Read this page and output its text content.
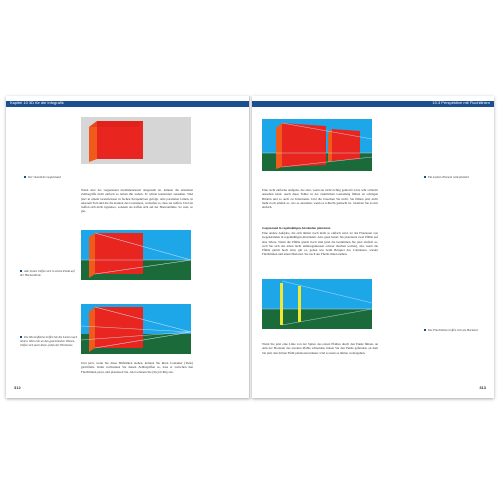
Kapitel 10 3D für die Infografik
Der räumliche Gegenstand
Wenn aber der Gegenstand dreidimensional dargestellt ist, können die einzelnen Zeilbegriffe nicht einfach so neben ihn stehen. Er würde konstruiert aussehen. Sind jetzt in einem Grundwissen in fachen Perspektiven gefolgt. Alle parallelen Linien, in unserem Fall sind die die Kanten des Containers, verlaufen so, dass sie treffen. Und sie treffen sich nicht irgendwo, sondern sie treffen sich auf der Horizontlinie. So weit, so gut.
Alle Linien treffen sich in einem Punkt auf der Horizontlinie.
Die Wiesenfläche treffen Sie die Linien nach hinten. Wenn Sie an den gezeichneten Wiesen, treffen sich auch diese, jeden der Horizonte.
Und jetzt, wenn Sie diese Hilfslinien ziehen, können Sie Ihren Container (Tiefe) gleichfalls. Dann verbrennen Sie diesen Zeilbegriffen so, dass er zwischen den Fluchtlinien passt, und platzieren Sie. Jetzt schauen Sie (Sie) richtig aus.
312
10.3 Perspektive mit Fluchtlinien
Ein zweites Element wird platziert
Eine recht einfache Aufgabe, die aber, wenn sie nicht richtig gemacht wird, sehr schlecht aussehen kann. Auch diese Fehler in der räumlichen Gestaltung führen zu schrägen Bildern und so auch zu Irritationen. Und die brauchen Sie nicht. Sie fühlen jetzt nicht mehr noch einmal so, wie es aussehen, wenn es schlecht gemacht ist. Glauben Sie es mir einfach.
Gegenstand in regelmäßigen Abständen platzieren
Eine andere Aufgabe, die sich immer noch nicht so einfach wird, ist das Platzieren von Gegenständen in regelmäßigen Abständen. Also ganz banal: Sie platzieren zwei Pfähle auf eine Wiese. Wenn die Pfähle gleich hoch sind (und die bestimmen Sie jetzt einfach so, weil Sie sich das leben nicht unmissgemessen schwer machen wollen), also wenn die Pfähle gleich hoch sind, gilt es, genau wie beim Beispiel des Containers, wieder Fluchtlinien und einen Horizont. Sie nach der Flucht-linien ziehen.
Die Fluchtlinien treffen sich am Horizont.
Wenn Sie jetzt eine Linie von der Spitze des ersten Pfahles durch den Punkt führen, an dem der Horizont des zweiten Pfahls schneiden, haben Sie den Punkt gefunden, an dem Sie jetzt den dritten Pfahl platzieren können. Und so kann es immer weitergehen.
313
